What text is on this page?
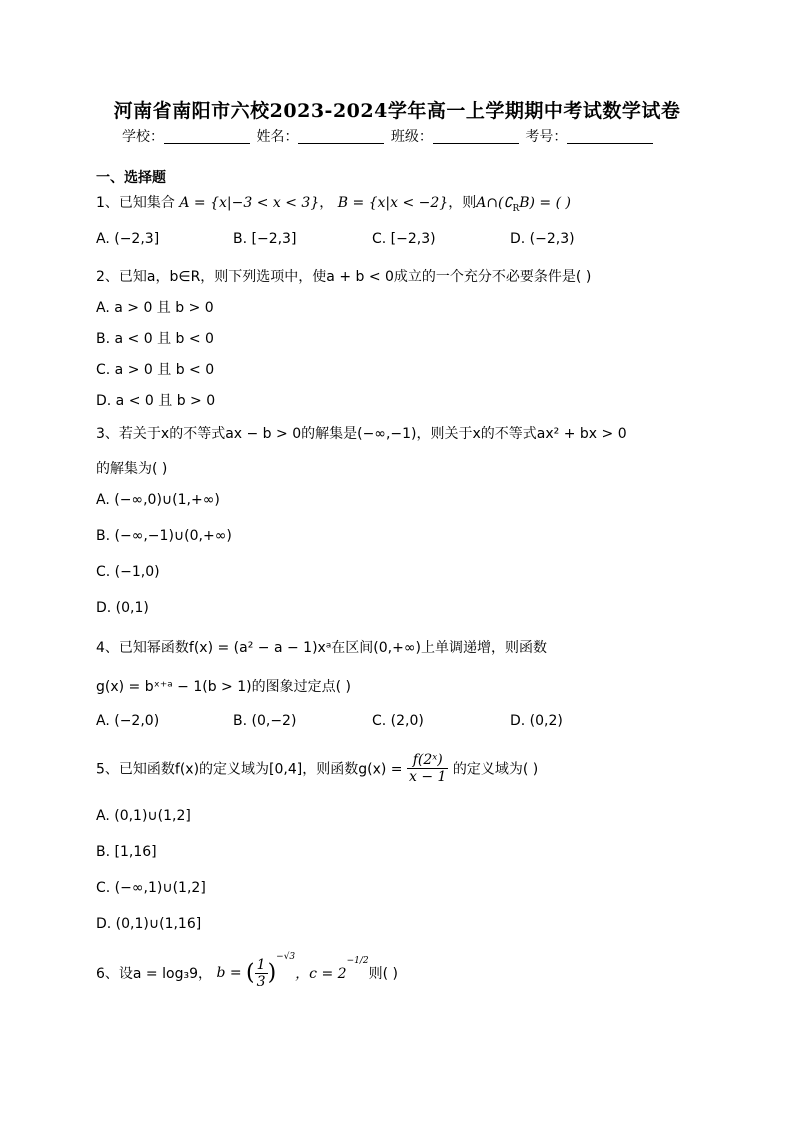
河南省南阳市六校2023-2024学年高一上学期期中考试数学试卷
学校：	姓名：	班级：	考号：
一、选择题
1、已知集合 A = {x|−3 < x < 3}， B = {x|x < −2}，则$A\cap(∁_RB)$ = ( )
A. (−2,3]	B. [−2,3]	C. [−2,3)	D. (−2,3)
2、已知a，b∈R，则下列选项中，使a + b < 0成立的一个充分不必要条件是( )
A. a > 0 且 b > 0
B. a < 0 且 b < 0
C. a > 0 且 b < 0
D. a < 0 且 b > 0
3、若关于x的不等式ax − b > 0的解集是(−∞,−1)，则关于x的不等式ax² + bx > 0
的解集为( )
A. (−∞,0)∪(1,+∞)
B. (−∞,−1)∪(0,+∞)
C. (−1,0)
D. (0,1)
4、已知幂函数f(x) = (a² − a − 1)xᵃ在区间(0,+∞)上单调递增，则函数
g(x) = bˣ⁺ᵃ − 1(b > 1)的图象过定点( )
A. (−2,0)	B. (0,−2)	C. (2,0)	D. (0,2)
5、已知函数f(x)的定义域为[0,4]，则函数$g(x) = \frac{\text{f(2ˣ)}}{x - 1}$ 的定义域为( )
A. (0,1)∪(1,2]
B. [1,16]
C. (−∞,1)∪(1,2]
D. (0,1)∪(1,16]
6、设a = log₃9， b = ( $\frac{1}{3} )^{-√3}$，$c = 2^{-1/2}$则( )
